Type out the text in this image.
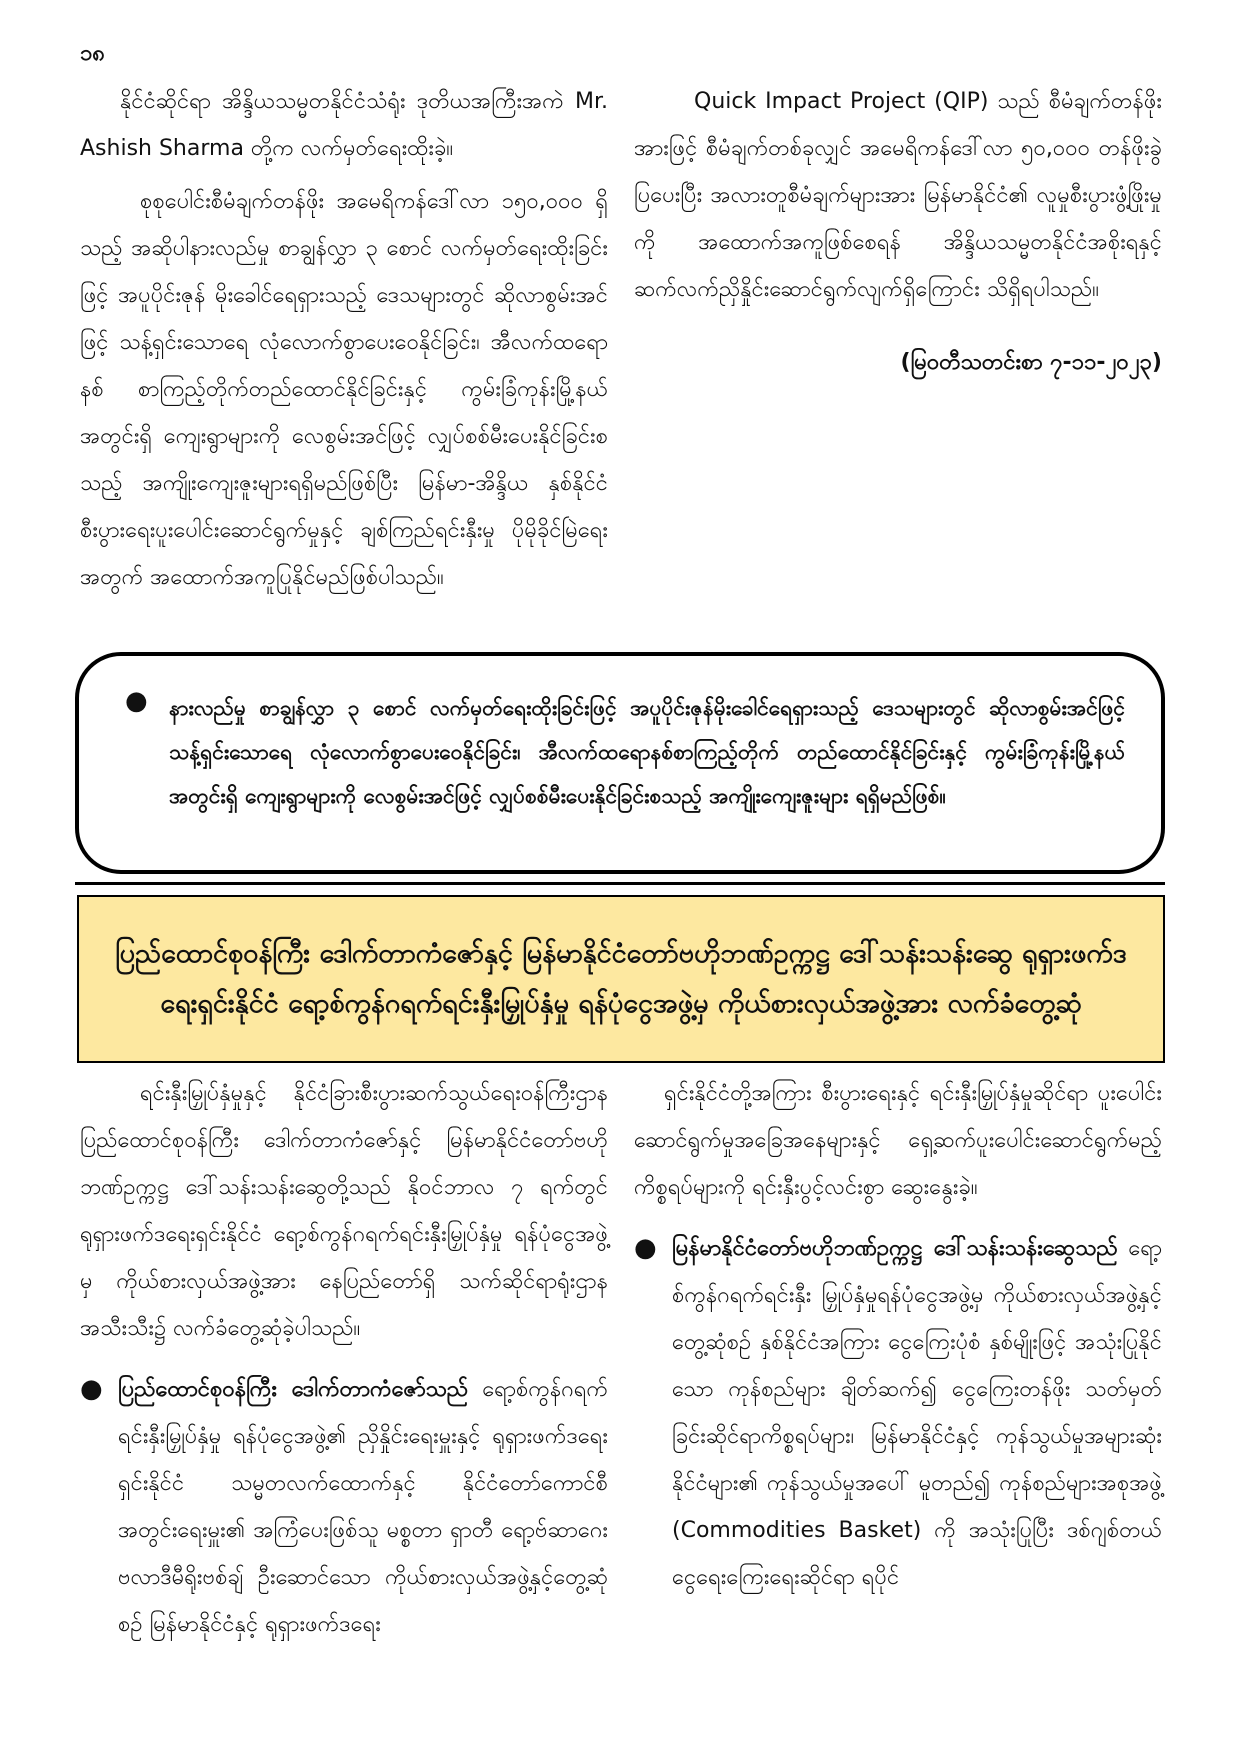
၁၈

နိုင်ငံဆိုင်ရာ အိန္ဒိယသမ္မတနိုင်ငံသံရုံး ဒုတိယအကြီးအကဲ Mr. Ashish Sharma တို့က လက်မှတ်ရေးထိုးခဲ့။

စုစုပေါင်းစီမံချက်တန်ဖိုး အမေရိကန်ဒေါ်လာ ၁၅၀,၀၀၀ ရှိသည့် အဆိုပါနားလည်မှု စာချွန်လွှာ ၃ စောင် လက်မှတ်ရေးထိုးခြင်းဖြင့် အပူပိုင်းဇုန် မိုးခေါင်ရေရှားသည့် ဒေသများတွင် ဆိုလာစွမ်းအင်ဖြင့် သန့်ရှင်းသောရေ လုံလောက်စွာပေးဝေနိုင်ခြင်း၊ အီလက်ထရောနစ် စာကြည့်တိုက်တည်ထောင်နိုင်ခြင်းနှင့် ကွမ်းခြံကုန်းမြို့နယ်အတွင်းရှိ ကျေးရွာများကို လေစွမ်းအင်ဖြင့် လျှပ်စစ်မီးပေးနိုင်ခြင်းစသည့် အကျိုးကျေးဇူးများရရှိမည်ဖြစ်ပြီး မြန်မာ-အိန္ဒိယ နှစ်နိုင်ငံ စီးပွားရေးပူးပေါင်းဆောင်ရွက်မှုနှင့် ချစ်ကြည်ရင်းနှီးမှု ပိုမိုခိုင်မြဲရေးအတွက် အထောက်အကူပြုနိုင်မည်ဖြစ်ပါသည်။

Quick Impact Project (QIP) သည် စီမံချက်တန်ဖိုးအားဖြင့် စီမံချက်တစ်ခုလျှင် အမေရိကန်ဒေါ်လာ ၅၀,၀၀၀ တန်ဖိုးခွဲပြပေးပြီး အလားတူစီမံချက်များအား မြန်မာနိုင်ငံ၏ လူမှုစီးပွားဖွံ့ဖြိုးမှုကို အထောက်အကူဖြစ်စေရန် အိန္ဒိယသမ္မတနိုင်ငံအစိုးရနှင့် ဆက်လက်ညှိနှိုင်းဆောင်ရွက်လျက်ရှိကြောင်း သိရှိရပါသည်။

(မြဝတီသတင်းစာ ၇-၁၁-၂၀၂၃)

● နားလည်မှု စာချွန်လွှာ ၃ စောင် လက်မှတ်ရေးထိုးခြင်းဖြင့် အပူပိုင်းဇုန်မိုးခေါင်ရေရှားသည့် ဒေသများတွင် ဆိုလာစွမ်းအင်ဖြင့် သန့်ရှင်းသောရေ လုံလောက်စွာပေးဝေနိုင်ခြင်း၊ အီလက်ထရောနစ်စာကြည့်တိုက် တည်ထောင်နိုင်ခြင်းနှင့် ကွမ်းခြံကုန်းမြို့နယ်အတွင်းရှိ ကျေးရွာများကို လေစွမ်းအင်ဖြင့် လျှပ်စစ်မီးပေးနိုင်ခြင်းစသည့် အကျိုးကျေးဇူးများ ရရှိမည်ဖြစ်။
ပြည်ထောင်စုဝန်ကြီး ဒေါက်တာကံဇော်နှင့် မြန်မာနိုင်ငံတော်ဗဟိုဘဏ်ဥက္ကဋ္ဌ ဒေါ်သန်းသန်းဆွေ ရုရှားဖက်ဒရေးရှင်းနိုင်ငံ ရော့စ်ကွန်ဂရက်ရင်းနှီးမြှုပ်နှံမှု ရန်ပုံငွေအဖွဲ့မှ ကိုယ်စားလှယ်အဖွဲ့အား လက်ခံတွေ့ဆုံ

ရင်းနှီးမြှုပ်နှံမှုနှင့် နိုင်ငံခြားစီးပွားဆက်သွယ်ရေးဝန်ကြီးဌာန ပြည်ထောင်စုဝန်ကြီး ဒေါက်တာကံဇော်နှင့် မြန်မာနိုင်ငံတော်ဗဟိုဘဏ်ဥက္ကဋ္ဌ ဒေါ်သန်းသန်းဆွေတို့သည် နိုဝင်ဘာလ ၇ ရက်တွင် ရုရှားဖက်ဒရေးရှင်းနိုင်ငံ ရော့စ်ကွန်ဂရက်ရင်းနှီးမြှုပ်နှံမှု ရန်ပုံငွေအဖွဲ့မှ ကိုယ်စားလှယ်အဖွဲ့အား နေပြည်တော်ရှိ သက်ဆိုင်ရာရုံးဌာနအသီးသီး၌ လက်ခံတွေ့ဆုံခဲ့ပါသည်။

● ပြည်ထောင်စုဝန်ကြီး ဒေါက်တာကံဇော်သည် ရော့စ်ကွန်ဂရက်ရင်းနှီးမြှုပ်နှံမှု ရန်ပုံငွေအဖွဲ့၏ ညှိနှိုင်းရေးမှူးနှင့် ရုရှားဖက်ဒရေးရှင်းနိုင်ငံ သမ္မတလက်ထောက်နှင့် နိုင်ငံတော်ကောင်စီအတွင်းရေးမှူး၏ အကြံပေးဖြစ်သူ မစ္စတာ ရှာတီ ရော့ဗ်ဆာဂေး ဗလာဒီမီရိုးဗစ်ချ် ဦးဆောင်သော ကိုယ်စားလှယ်အဖွဲ့နှင့်တွေ့ဆုံစဉ် မြန်မာနိုင်ငံနှင့် ရုရှားဖက်ဒရေး

ရှင်းနိုင်ငံတို့အကြား စီးပွားရေးနှင့် ရင်းနှီးမြှုပ်နှံမှုဆိုင်ရာ ပူးပေါင်းဆောင်ရွက်မှုအခြေအနေများနှင့် ရှေ့ဆက်ပူးပေါင်းဆောင်ရွက်မည့်ကိစ္စရပ်များကို ရင်းနှီးပွင့်လင်းစွာ ဆွေးနွေးခဲ့။

● မြန်မာနိုင်ငံတော်ဗဟိုဘဏ်ဥက္ကဋ္ဌ ဒေါ်သန်းသန်းဆွေသည် ရော့စ်ကွန်ဂရက်ရင်းနှီး မြှုပ်နှံမှုရန်ပုံငွေအဖွဲ့မှ ကိုယ်စားလှယ်အဖွဲ့နှင့် တွေ့ဆုံစဉ် နှစ်နိုင်ငံအကြား ငွေကြေးပုံစံ နှစ်မျိုးဖြင့် အသုံးပြုနိုင်သော ကုန်စည်များ ချိတ်ဆက်၍ ငွေကြေးတန်ဖိုး သတ်မှတ်ခြင်းဆိုင်ရာကိစ္စရပ်များ၊ မြန်မာနိုင်ငံနှင့် ကုန်သွယ်မှုအများဆုံးနိုင်ငံများ၏ ကုန်သွယ်မှုအပေါ် မူတည်၍ ကုန်စည်များအစုအဖွဲ့ (Commodities Basket) ကို အသုံးပြုပြီး ဒစ်ဂျစ်တယ်ငွေရေးကြေးရေးဆိုင်ရာ ရပိုင်
